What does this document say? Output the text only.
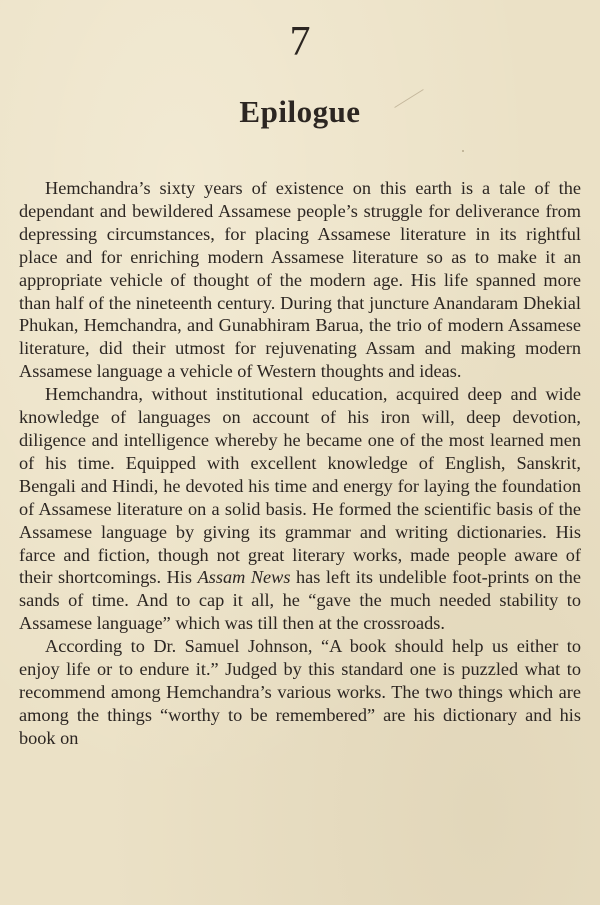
7
Epilogue

Hemchandra’s sixty years of existence on this earth is a tale of the dependant and bewildered Assamese people’s struggle for deliverance from depressing circumstances, for placing Assamese literature in its rightful place and for enriching modern Assamese literature so as to make it an appropriate vehicle of thought of the modern age. His life spanned more than half of the nineteenth century. During that juncture Anandaram Dhekial Phukan, Hemchandra, and Gunabhiram Barua, the trio of modern Assamese literature, did their utmost for rejuvenating Assam and making modern Assamese language a vehicle of Western thoughts and ideas.

Hemchandra, without institutional education, acquired deep and wide knowledge of languages on account of his iron will, deep devotion, diligence and intelligence whereby he became one of the most learned men of his time. Equipped with excellent knowledge of English, Sanskrit, Bengali and Hindi, he devoted his time and energy for laying the foundation of Assamese literature on a solid basis. He formed the scientific basis of the Assamese language by giving its grammar and writing dictionaries. His farce and fiction, though not great literary works, made people aware of their shortcomings. His Assam News has left its undelible foot-prints on the sands of time. And to cap it all, he “gave the much needed stability to Assamese language” which was till then at the crossroads.

According to Dr. Samuel Johnson, “A book should help us either to enjoy life or to endure it.” Judged by this standard one is puzzled what to recommend among Hemchandra’s various works. The two things which are among the things “worthy to be remembered” are his dictionary and his book on
